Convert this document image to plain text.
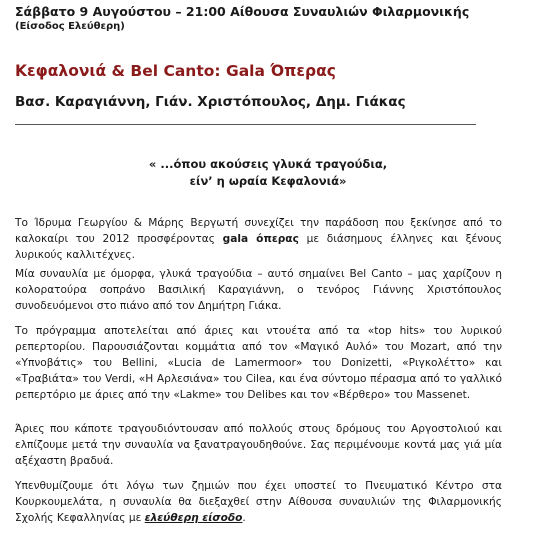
Σάββατο 9 Αυγούστου – 21:00 Αίθουσα Συναυλιών Φιλαρμονικής
(Είσοδος Ελεύθερη)
Κεφαλονιά & Bel Canto: Gala Όπερας
Βασ. Καραγιάννη, Γιάν. Χριστόπουλος, Δημ. Γιάκας
« ...όπου ακούσεις γλυκά τραγούδια,
είν’ η ωραία Κεφαλονιά»
Το Ίδρυμα Γεωργίου & Μάρης Βεργωτή συνεχίζει την παράδοση που ξεκίνησε από το καλοκαίρι του 2012 προσφέροντας gala όπερας με διάσημους έλληνες και ξένους λυρικούς καλλιτέχνες.
Μία συναυλία με όμορφα, γλυκά τραγούδια – αυτό σημαίνει Bel Canto – μας χαρίζουν η κολορατούρα σοπράνο Βασιλική Καραγιάννη, ο τενόρος Γιάννης Χριστόπουλος συνοδευόμενοι στο πιάνο από τον Δημήτρη Γιάκα.
Το πρόγραμμα αποτελείται από άριες και ντουέτα από τα «top hits» του λυρικού ρεπερτορίου. Παρουσιάζονται κομμάτια από τον «Μαγικό Αυλό» του Mozart, από την «Υπνοβάτις» του Bellini, «Lucia de Lamermoor» του Donizetti, «Ριγκολέττο» και «Τραβιάτα» του Verdi, «Η Αρλεσιάνα» του Cilea, και ένα σύντομο πέρασμα από το γαλλικό ρεπερτόριο με άριες από την «Lakme» του Delibes και τον «Βέρθερο» του Massenet.
Άριες που κάποτε τραγουδιόντουσαν από πολλούς στους δρόμους του Αργοστολιού και ελπίζουμε μετά την συναυλία να ξανατραγουδηθούνε. Σας περιμένουμε κοντά μας γιά μία αξέχαστη βραδυά.
Υπενθυμίζουμε ότι λόγω των ζημιών που έχει υποστεί το Πνευματικό Κέντρο στα Κουρκουμελάτα, η συναυλία θα διεξαχθεί στην Αίθουσα συναυλιών της Φιλαρμονικής Σχολής Κεφαλληνίας με ελεύθερη είσοδο.
